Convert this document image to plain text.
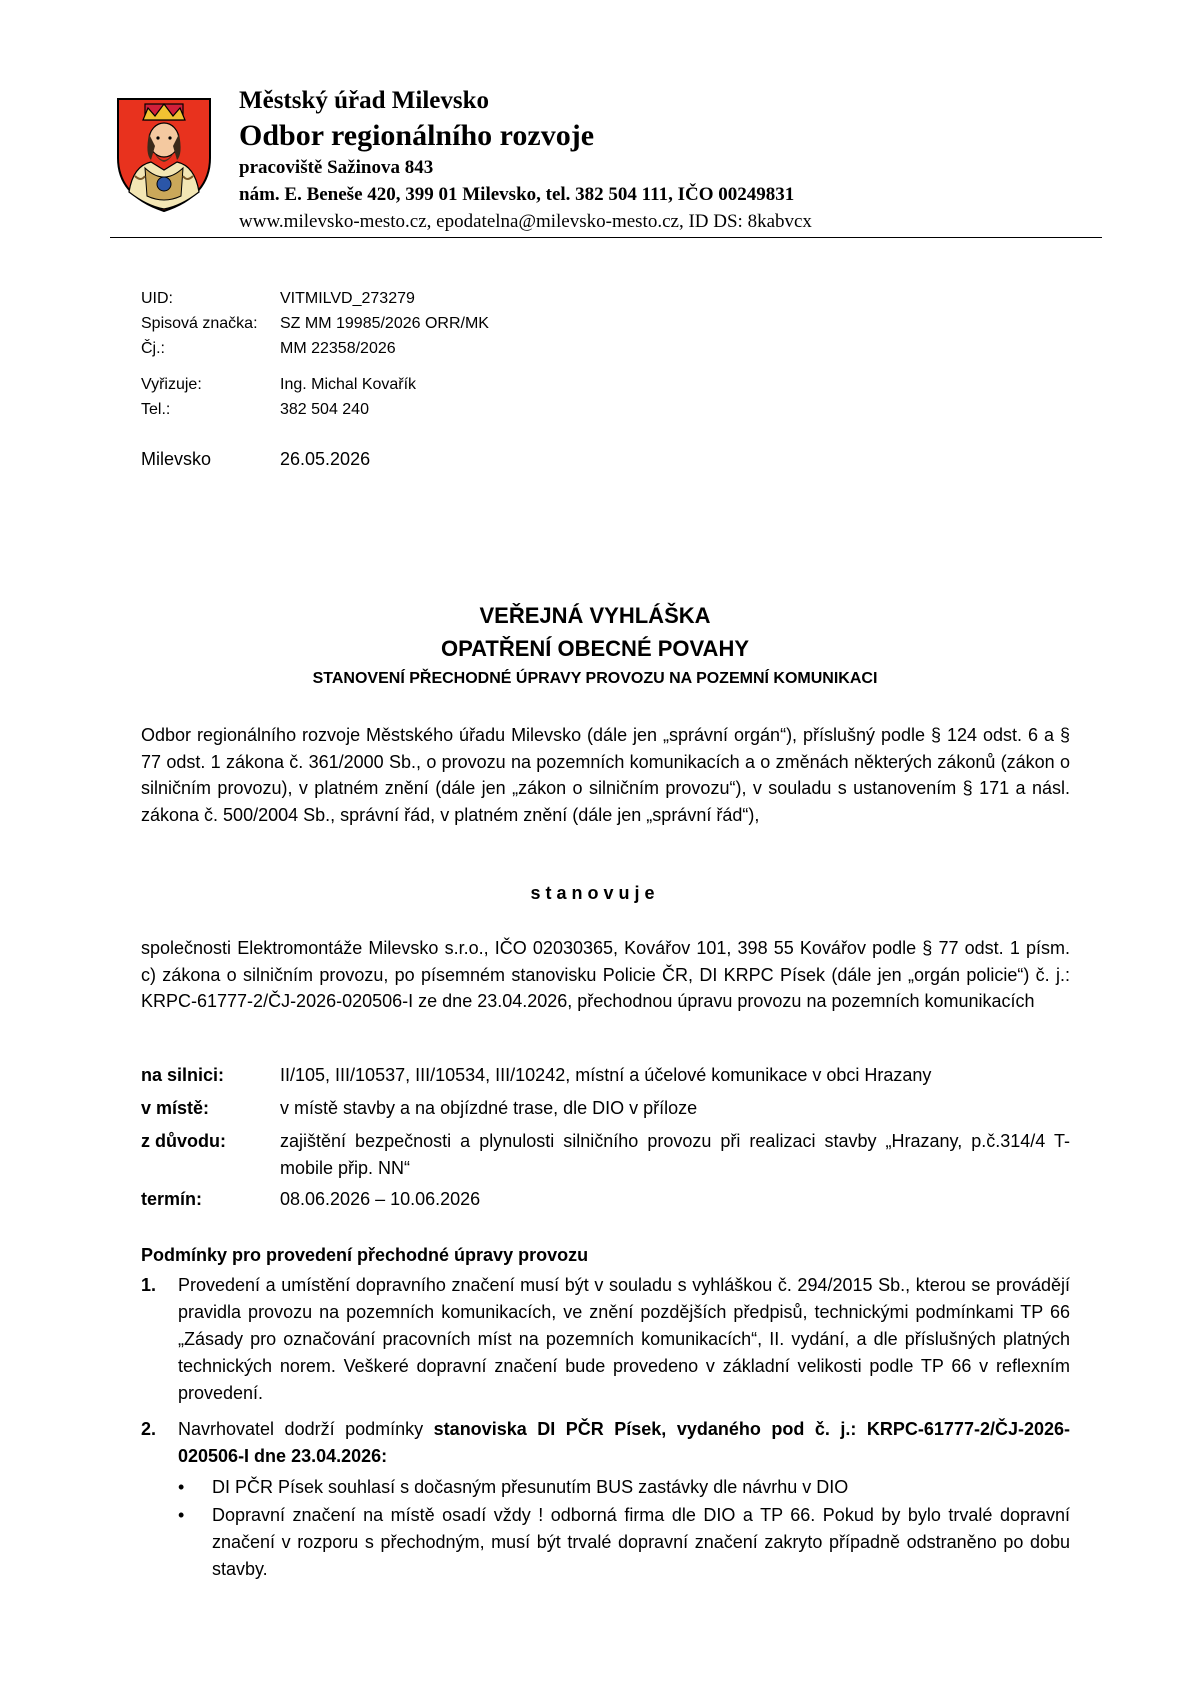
Městský úřad Milevsko
Odbor regionálního rozvoje
pracoviště Sažinova 843
nám. E. Beneše 420, 399 01 Milevsko, tel. 382 504 111, IČO 00249831
www.milevsko-mesto.cz, epodatelna@milevsko-mesto.cz, ID DS: 8kabvcx
UID:	VITMILVD_273279
Spisová značka: SZ MM 19985/2026 ORR/MK
Čj.:	MM 22358/2026
Vyřizuje:	Ing. Michal Kovařík
Tel.:	382 504 240
Milevsko	26.05.2026
VEŘEJNÁ VYHLÁŠKA
OPATŘENÍ OBECNÉ POVAHY
STANOVENÍ PŘECHODNÉ ÚPRAVY PROVOZU NA POZEMNÍ KOMUNIKACI
Odbor regionálního rozvoje Městského úřadu Milevsko (dále jen „správní orgán“), příslušný podle § 124 odst. 6 a § 77 odst. 1 zákona č. 361/2000 Sb., o provozu na pozemních komunikacích a o změnách některých zákonů (zákon o silničním provozu), v platném znění (dále jen „zákon o silničním provozu“), v souladu s ustanovením § 171 a násl. zákona č. 500/2004 Sb., správní řád, v platném znění (dále jen „správní řád“),
stanovuje
společnosti Elektromontáže Milevsko s.r.o., IČO 02030365, Kovářov 101, 398 55 Kovářov podle § 77 odst. 1 písm. c) zákona o silničním provozu, po písemném stanovisku Policie ČR, DI KRPC Písek (dále jen „orgán policie“) č. j.: KRPC-61777-2/ČJ-2026-020506-I ze dne 23.04.2026, přechodnou úpravu provozu na pozemních komunikacích
na silnici:	II/105, III/10537, III/10534, III/10242, místní a účelové komunikace v obci Hrazany
v místě:	v místě stavby a na objízdné trase, dle DIO v příloze
z důvodu:	zajištění bezpečnosti a plynulosti silničního provozu při realizaci stavby „Hrazany, p.č.314/4 T-mobile přip. NN“
termín:	08.06.2026 – 10.06.2026
Podmínky pro provedení přechodné úpravy provozu
1. Provedení a umístění dopravního značení musí být v souladu s vyhláškou č. 294/2015 Sb., kterou se provádějí pravidla provozu na pozemních komunikacích, ve znění pozdějších předpisů, technickými podmínkami TP 66 „Zásady pro označování pracovních míst na pozemních komunikacích“, II. vydání, a dle příslušných platných technických norem. Veškeré dopravní značení bude provedeno v základní velikosti podle TP 66 v reflexním provedení.
2. Navrhovatel dodrží podmínky stanoviska DI PČR Písek, vydaného pod č. j.: KRPC-61777-2/ČJ-2026-020506-I dne 23.04.2026:
• DI PČR Písek souhlasí s dočasným přesunutím BUS zastávky dle návrhu v DIO
• Dopravní značení na místě osadí vždy ! odborná firma dle DIO a TP 66. Pokud by bylo trvalé dopravní značení v rozporu s přechodným, musí být trvalé dopravní značení zakryto případně odstraněno po dobu stavby.
